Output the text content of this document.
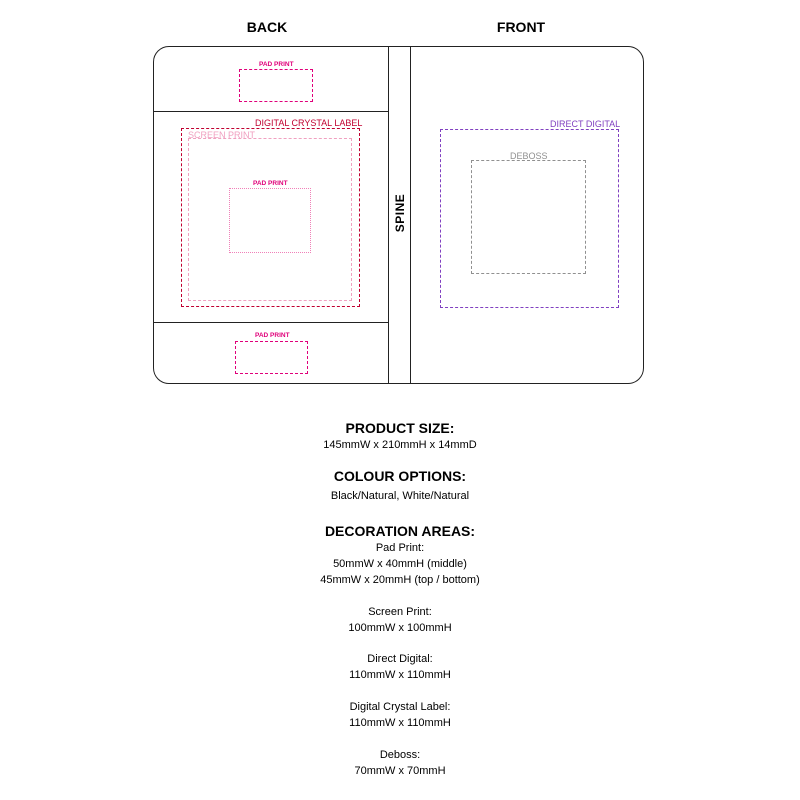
BACK	FRONT
SPINE
PAD PRINT
DIGITAL CRYSTAL LABEL
SCREEN PRINT
PAD PRINT
PAD PRINT
DIRECT DIGITAL
DEBOSS
PRODUCT SIZE:
145mmW x 210mmH x 14mmD
COLOUR OPTIONS:
Black/Natural, White/Natural
DECORATION AREAS:
Pad Print:
50mmW x 40mmH (middle)
45mmW x 20mmH (top / bottom)
Screen Print:
100mmW x 100mmH
Direct Digital:
110mmW x 110mmH
Digital Crystal Label:
110mmW x 110mmH
Deboss:
70mmW x 70mmH
